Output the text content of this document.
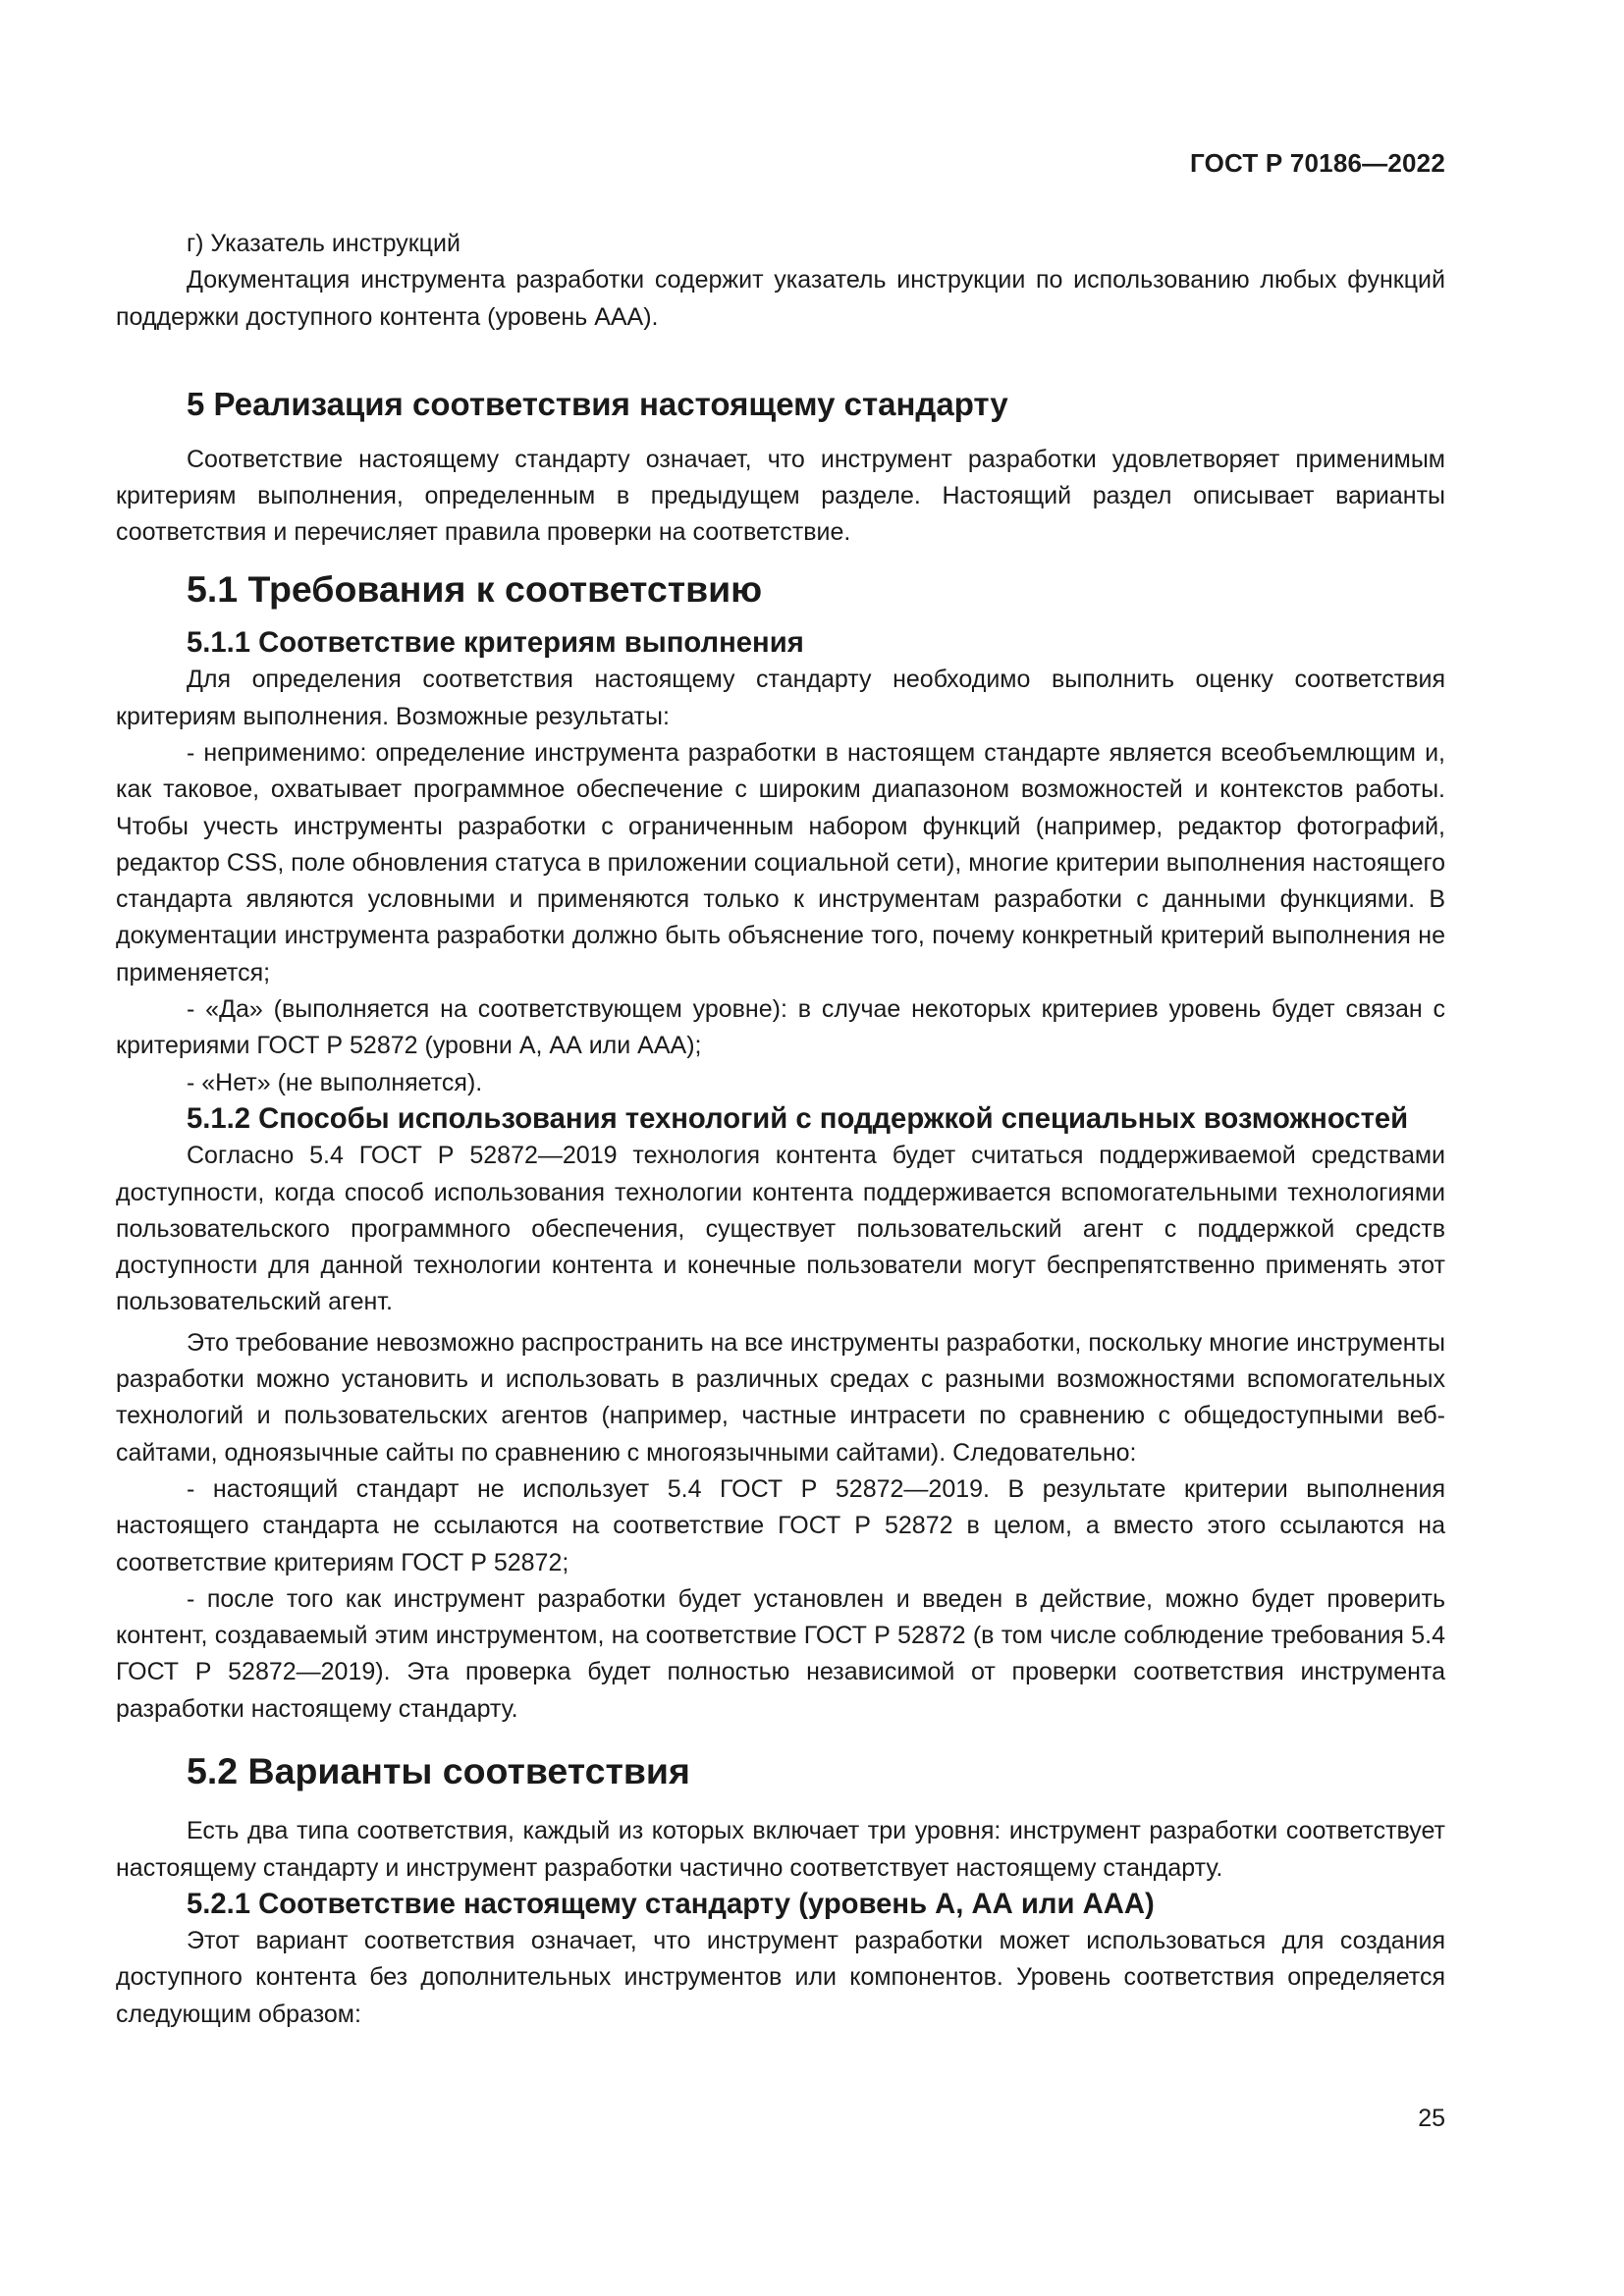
ГОСТ Р 70186—2022

г) Указатель инструкций

Документация инструмента разработки содержит указатель инструкции по использованию любых функций поддержки доступного контента (уровень ААА).

5 Реализация соответствия настоящему стандарту

Соответствие настоящему стандарту означает, что инструмент разработки удовлетворяет применимым критериям выполнения, определенным в предыдущем разделе. Настоящий раздел описывает варианты соответствия и перечисляет правила проверки на соответствие.

5.1 Требования к соответствию
5.1.1 Соответствие критериям выполнения

Для определения соответствия настоящему стандарту необходимо выполнить оценку соответствия критериям выполнения. Возможные результаты:

- неприменимо: определение инструмента разработки в настоящем стандарте является всеобъемлющим и, как таковое, охватывает программное обеспечение с широким диапазоном возможностей и контекстов работы. Чтобы учесть инструменты разработки с ограниченным набором функций (например, редактор фотографий, редактор CSS, поле обновления статуса в приложении социальной сети), многие критерии выполнения настоящего стандарта являются условными и применяются только к инструментам разработки с данными функциями. В документации инструмента разработки должно быть объяснение того, почему конкретный критерий выполнения не применяется;

- «Да» (выполняется на соответствующем уровне): в случае некоторых критериев уровень будет связан с критериями ГОСТ Р 52872 (уровни А, АА или ААА);

- «Нет» (не выполняется).

5.1.2 Способы использования технологий с поддержкой специальных возможностей

Согласно 5.4 ГОСТ Р 52872—2019 технология контента будет считаться поддерживаемой средствами доступности, когда способ использования технологии контента поддерживается вспомогательными технологиями пользовательского программного обеспечения, существует пользовательский агент с поддержкой средств доступности для данной технологии контента и конечные пользователи могут беспрепятственно применять этот пользовательский агент.

Это требование невозможно распространить на все инструменты разработки, поскольку многие инструменты разработки можно установить и использовать в различных средах с разными возможностями вспомогательных технологий и пользовательских агентов (например, частные интрасети по сравнению с общедоступными веб-сайтами, одноязычные сайты по сравнению с многоязычными сайтами). Следовательно:

- настоящий стандарт не использует 5.4 ГОСТ Р 52872—2019. В результате критерии выполнения настоящего стандарта не ссылаются на соответствие ГОСТ Р 52872 в целом, а вместо этого ссылаются на соответствие критериям ГОСТ Р 52872;

- после того как инструмент разработки будет установлен и введен в действие, можно будет проверить контент, создаваемый этим инструментом, на соответствие ГОСТ Р 52872 (в том числе соблюдение требования 5.4 ГОСТ Р 52872—2019). Эта проверка будет полностью независимой от проверки соответствия инструмента разработки настоящему стандарту.

5.2 Варианты соответствия

Есть два типа соответствия, каждый из которых включает три уровня: инструмент разработки соответствует настоящему стандарту и инструмент разработки частично соответствует настоящему стандарту.

5.2.1 Соответствие настоящему стандарту (уровень А, АА или ААА)

Этот вариант соответствия означает, что инструмент разработки может использоваться для создания доступного контента без дополнительных инструментов или компонентов. Уровень соответствия определяется следующим образом:

25
